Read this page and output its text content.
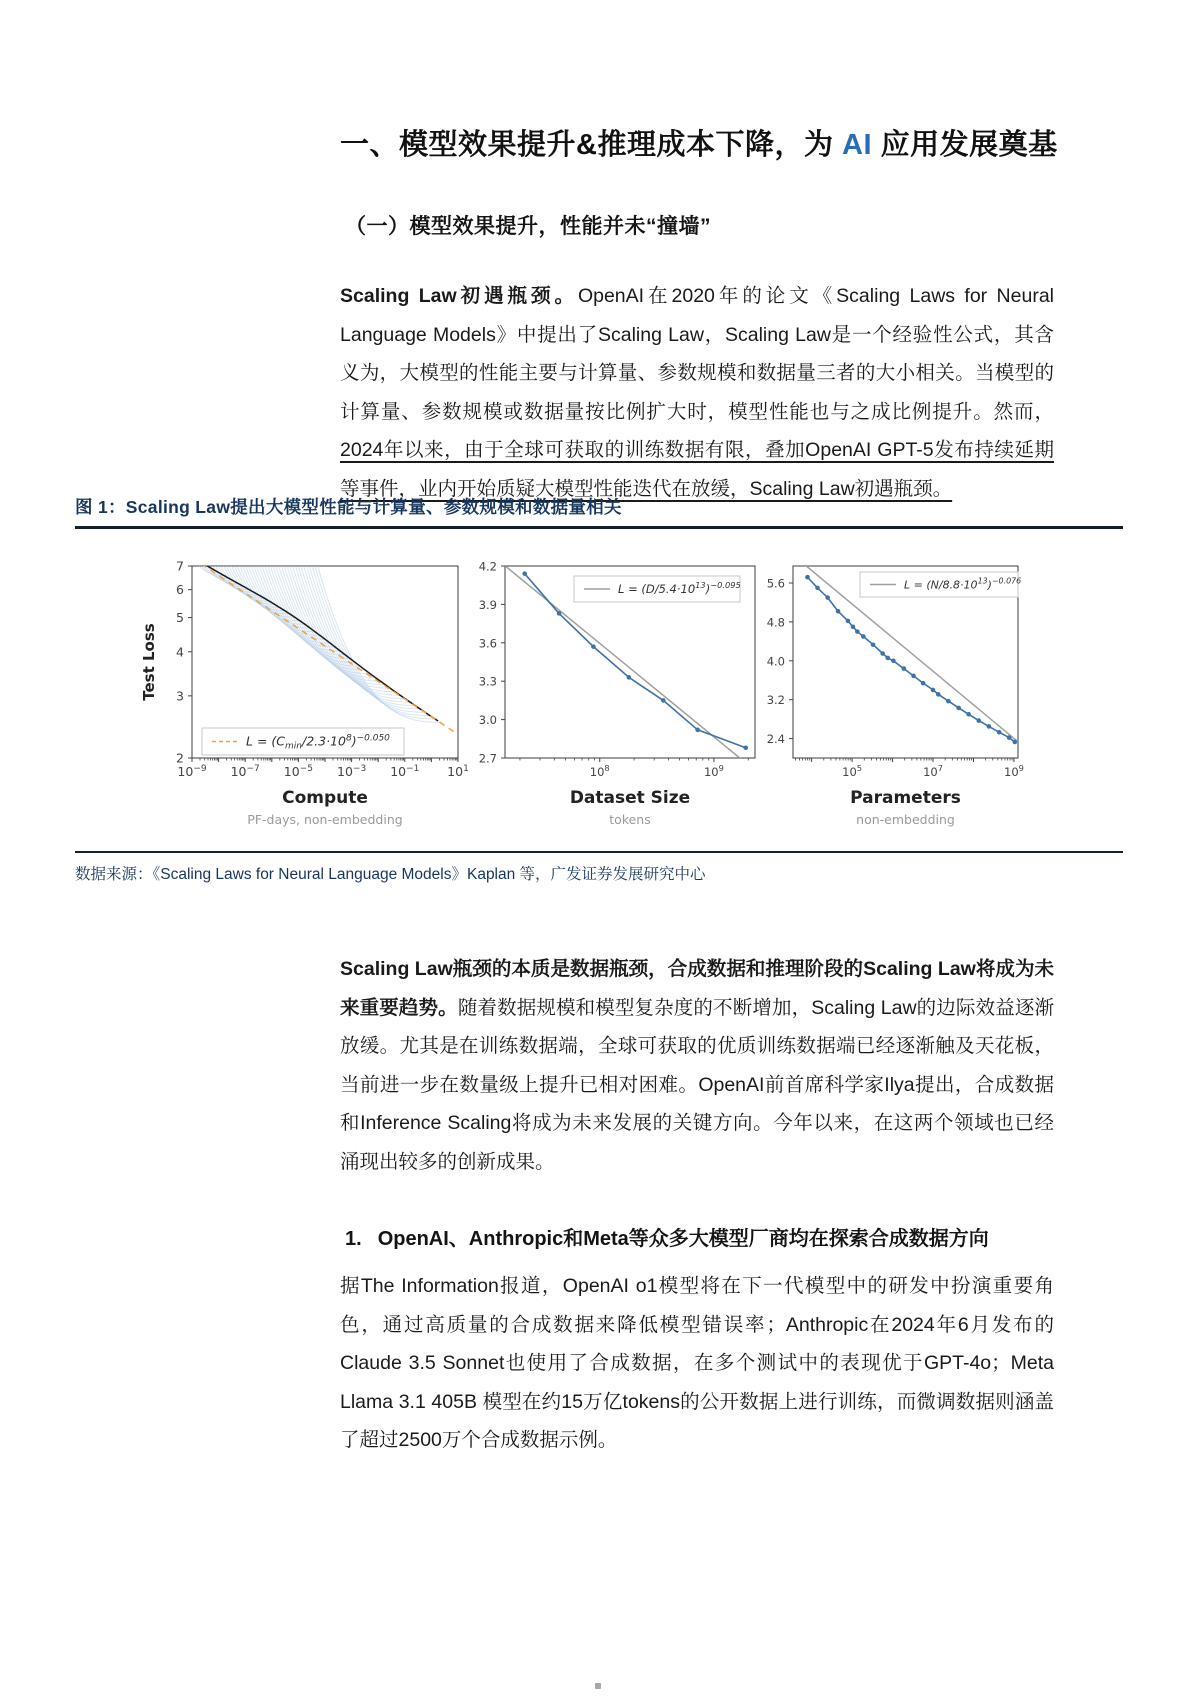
一、模型效果提升&推理成本下降，为 AI 应用发展奠基
（一）模型效果提升，性能并未“撞墙”

Scaling Law初遇瓶颈。OpenAI在2020年的论文《Scaling Laws for Neural Language Models》中提出了Scaling Law，Scaling Law是一个经验性公式，其含义为，大模型的性能主要与计算量、参数规模和数据量三者的大小相关。当模型的计算量、参数规模或数据量按比例扩大时，模型性能也与之成比例提升。然而，2024年以来，由于全球可获取的训练数据有限，叠加OpenAI GPT-5发布持续延期等事件，业内开始质疑大模型性能迭代在放缓，Scaling Law初遇瓶颈。

图 1：Scaling Law提出大模型性能与计算量、参数规模和数据量相关
$10^{-9}$ $10^{-7}$ $10^{-5}$ $10^{-3}$ $10^{-1}$ $10^1$
2
3
4
5
6
7
Compute
PF-days, non-embedding
Test Loss
$L = (C_{min}/2.3\cdot 10^8)^{-0.050}$
$10^8$	$10^9$
2.7
3.0
3.3
3.6
3.9
4.2
Dataset Size
tokens
$L = (D/5.4\cdot 10^{13})^{-0.095}$
$10^5$	$10^7$	$10^9$
2.4
3.2
4.0
4.8
5.6
Parameters
non-embedding
$L = (N/8.8\cdot 10^{13})^{-0.076}$
数据来源：《Scaling Laws for Neural Language Models》Kaplan 等，广发证券发展研究中心

Scaling Law瓶颈的本质是数据瓶颈，合成数据和推理阶段的Scaling Law将成为未来重要趋势。随着数据规模和模型复杂度的不断增加，Scaling Law的边际效益逐渐放缓。尤其是在训练数据端，全球可获取的优质训练数据端已经逐渐触及天花板，当前进一步在数量级上提升已相对困难。OpenAI前首席科学家Ilya提出，合成数据和Inference Scaling将成为未来发展的关键方向。今年以来，在这两个领域也已经涌现出较多的创新成果。

1. OpenAI、Anthropic和Meta等众多大模型厂商均在探索合成数据方向

据The Information报道，OpenAI o1模型将在下一代模型中的研发中扮演重要角色，通过高质量的合成数据来降低模型错误率；Anthropic在2024年6月发布的Claude 3.5 Sonnet也使用了合成数据，在多个测试中的表现优于GPT-4o；Meta Llama 3.1 405B 模型在约15万亿tokens的公开数据上进行训练，而微调数据则涵盖了超过2500万个合成数据示例。
